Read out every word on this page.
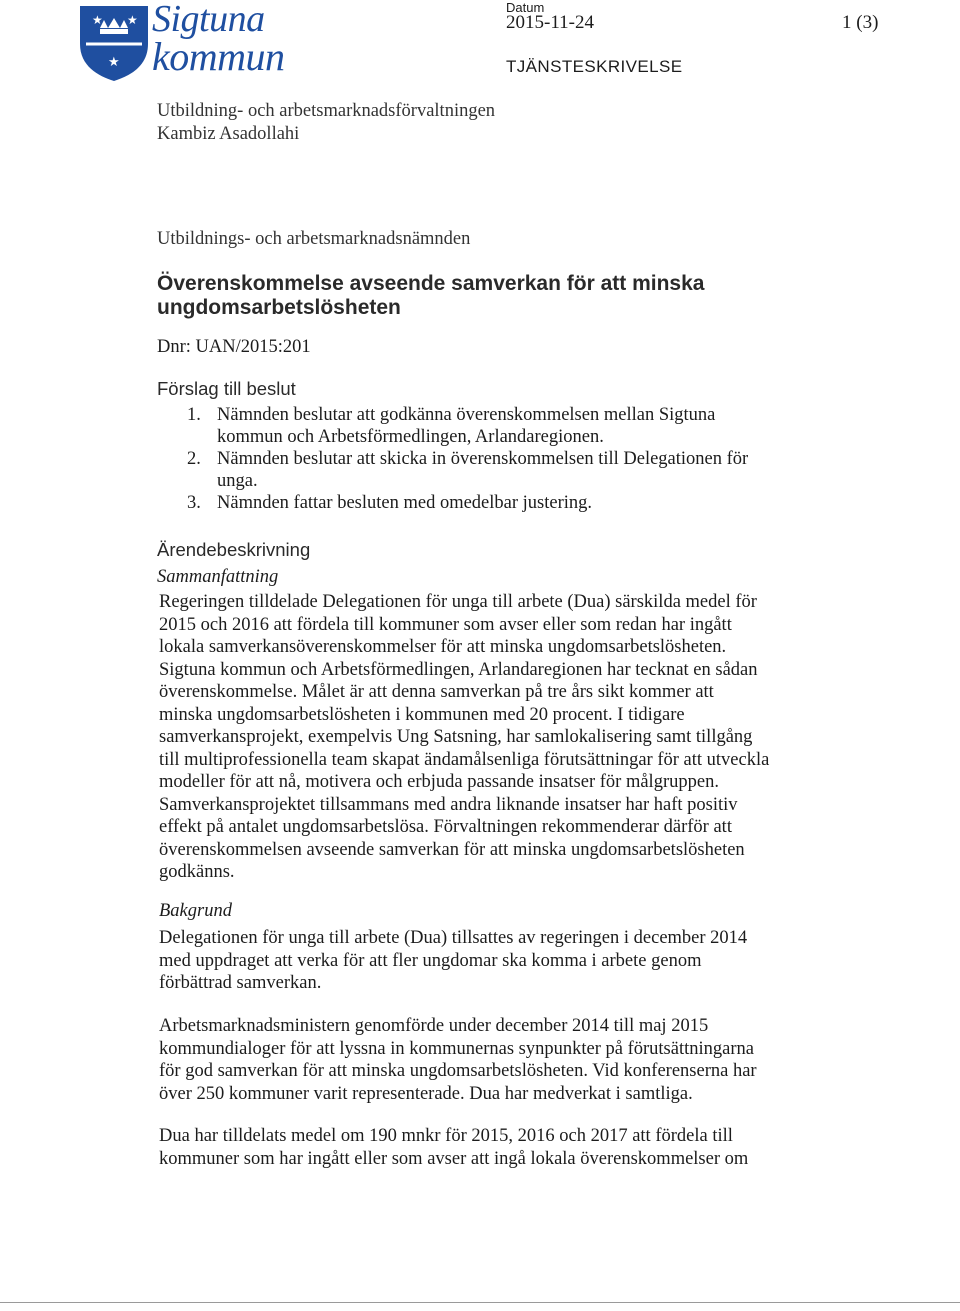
★ ★
★
Sigtuna
kommun
Datum
2015-11-24	1 (3)
TJÄNSTESKRIVELSE
Utbildning- och arbetsmarknadsförvaltningen
Kambiz Asadollahi
Utbildnings- och arbetsmarknadsnämnden
Överenskommelse avseende samverkan för att minska ungdomsarbetslösheten
Dnr: UAN/2015:201
Förslag till beslut
1. Nämnden beslutar att godkänna överenskommelsen mellan Sigtuna
kommun och Arbetsförmedlingen, Arlandaregionen.
2. Nämnden beslutar att skicka in överenskommelsen till Delegationen för
unga.
3. Nämnden fattar besluten med omedelbar justering.
Ärendebeskrivning
Sammanfattning

Regeringen tilldelade Delegationen för unga till arbete (Dua) särskilda medel för
2015 och 2016 att fördela till kommuner som avser eller som redan har ingått
lokala samverkansöverenskommelser för att minska ungdomsarbetslösheten.
Sigtuna kommun och Arbetsförmedlingen, Arlandaregionen har tecknat en sådan
överenskommelse. Målet är att denna samverkan på tre års sikt kommer att
minska ungdomsarbetslösheten i kommunen med 20 procent. I tidigare
samverkansprojekt, exempelvis Ung Satsning, har samlokalisering samt tillgång
till multiprofessionella team skapat ändamålsenliga förutsättningar för att utveckla
modeller för att nå, motivera och erbjuda passande insatser för målgruppen.
Samverkansprojektet tillsammans med andra liknande insatser har haft positiv
effekt på antalet ungdomsarbetslösa. Förvaltningen rekommenderar därför att
överenskommelsen avseende samverkan för att minska ungdomsarbetslösheten
godkänns.

Bakgrund

Delegationen för unga till arbete (Dua) tillsattes av regeringen i december 2014
med uppdraget att verka för att fler ungdomar ska komma i arbete genom
förbättrad samverkan.

Arbetsmarknadsministern genomförde under december 2014 till maj 2015
kommundialoger för att lyssna in kommunernas synpunkter på förutsättningarna
för god samverkan för att minska ungdomsarbetslösheten. Vid konferenserna har
över 250 kommuner varit representerade. Dua har medverkat i samtliga.

Dua har tilldelats medel om 190 mnkr för 2015, 2016 och 2017 att fördela till
kommuner som har ingått eller som avser att ingå lokala överenskommelser om
